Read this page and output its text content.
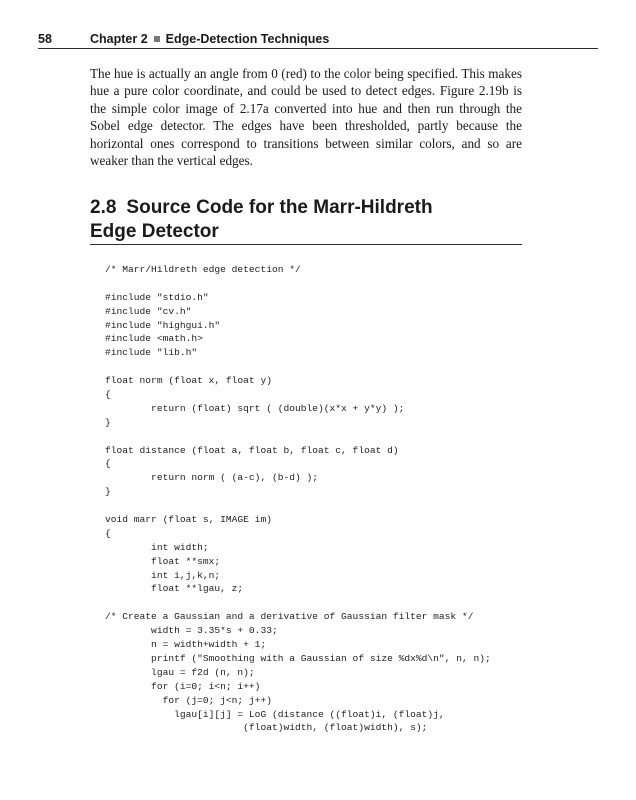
58	Chapter 2 Edge-Detection Techniques

The hue is actually an angle from 0 (red) to the color being specified. This makes hue a pure color coordinate, and could be used to detect edges. Figure 2.19b is the simple color image of 2.17a converted into hue and then run through the Sobel edge detector. The edges have been thresholded, partly because the horizontal ones correspond to transitions between similar colors, and so are weaker than the vertical edges.

2.8 Source Code for the Marr-Hildreth
Edge Detector
/* Marr/Hildreth edge detection */
#include "stdio.h"
#include "cv.h"
#include "highgui.h"
#include <math.h>
#include "lib.h"
float norm (float x, float y)
{
return (float) sqrt ( (double)(x*x + y*y) );
}
float distance (float a, float b, float c, float d)
{
return norm ( (a-c), (b-d) );
}
void marr (float s, IMAGE im)
{
int width;
float **smx;
int i,j,k,n;
float **lgau, z;
/* Create a Gaussian and a derivative of Gaussian filter mask */
width = 3.35*s + 0.33;
n = width+width + 1;
printf ("Smoothing with a Gaussian of size %dx%d\n", n, n);
lgau = f2d (n, n);
for (i=0; i<n; i++)
for (j=0; j<n; j++)
lgau[i][j] = LoG (distance ((float)i, (float)j,
(float)width, (float)width), s);
